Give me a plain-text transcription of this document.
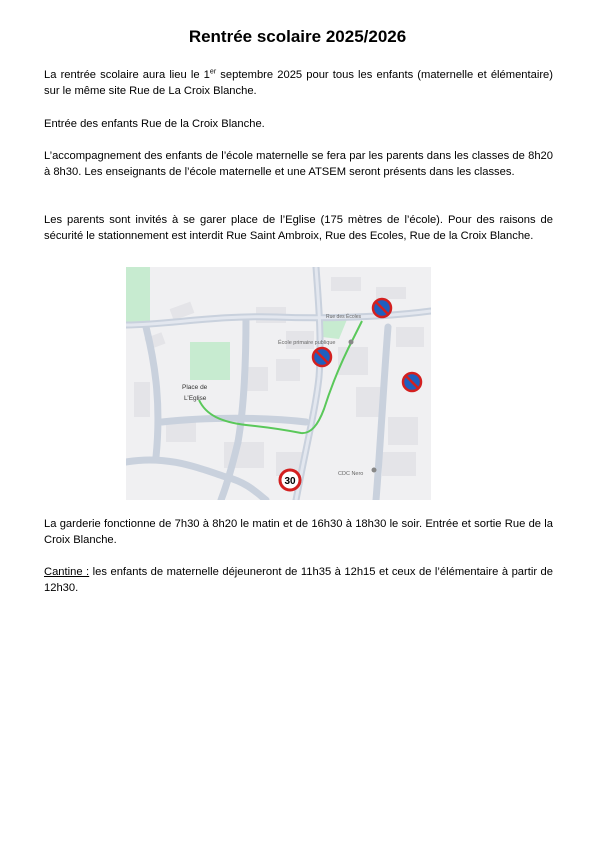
Rentrée scolaire 2025/2026
La rentrée scolaire aura lieu le 1er septembre 2025 pour tous les enfants (maternelle et élémentaire) sur le même site Rue de La Croix Blanche.
Entrée des enfants Rue de la Croix Blanche.
L’accompagnement des enfants de l’école maternelle se fera par les parents dans les classes de 8h20 à 8h30. Les enseignants de l’école maternelle et une ATSEM seront présents dans les classes.
Les parents sont invités à se garer place de l’Eglise (175 mètres de l’école). Pour des raisons de sécurité le stationnement est interdit Rue Saint Ambroix, Rue des Ecoles, Rue de la Croix Blanche.
Place de
L’Eglise
École primaire publique
Rue des Écoles
CDC Nero
30
La garderie fonctionne de 7h30 à 8h20 le matin et de 16h30 à 18h30 le soir. Entrée et sortie Rue de la Croix Blanche.
Cantine : les enfants de maternelle déjeuneront de 11h35 à 12h15 et ceux de l’élémentaire à partir de 12h30.
